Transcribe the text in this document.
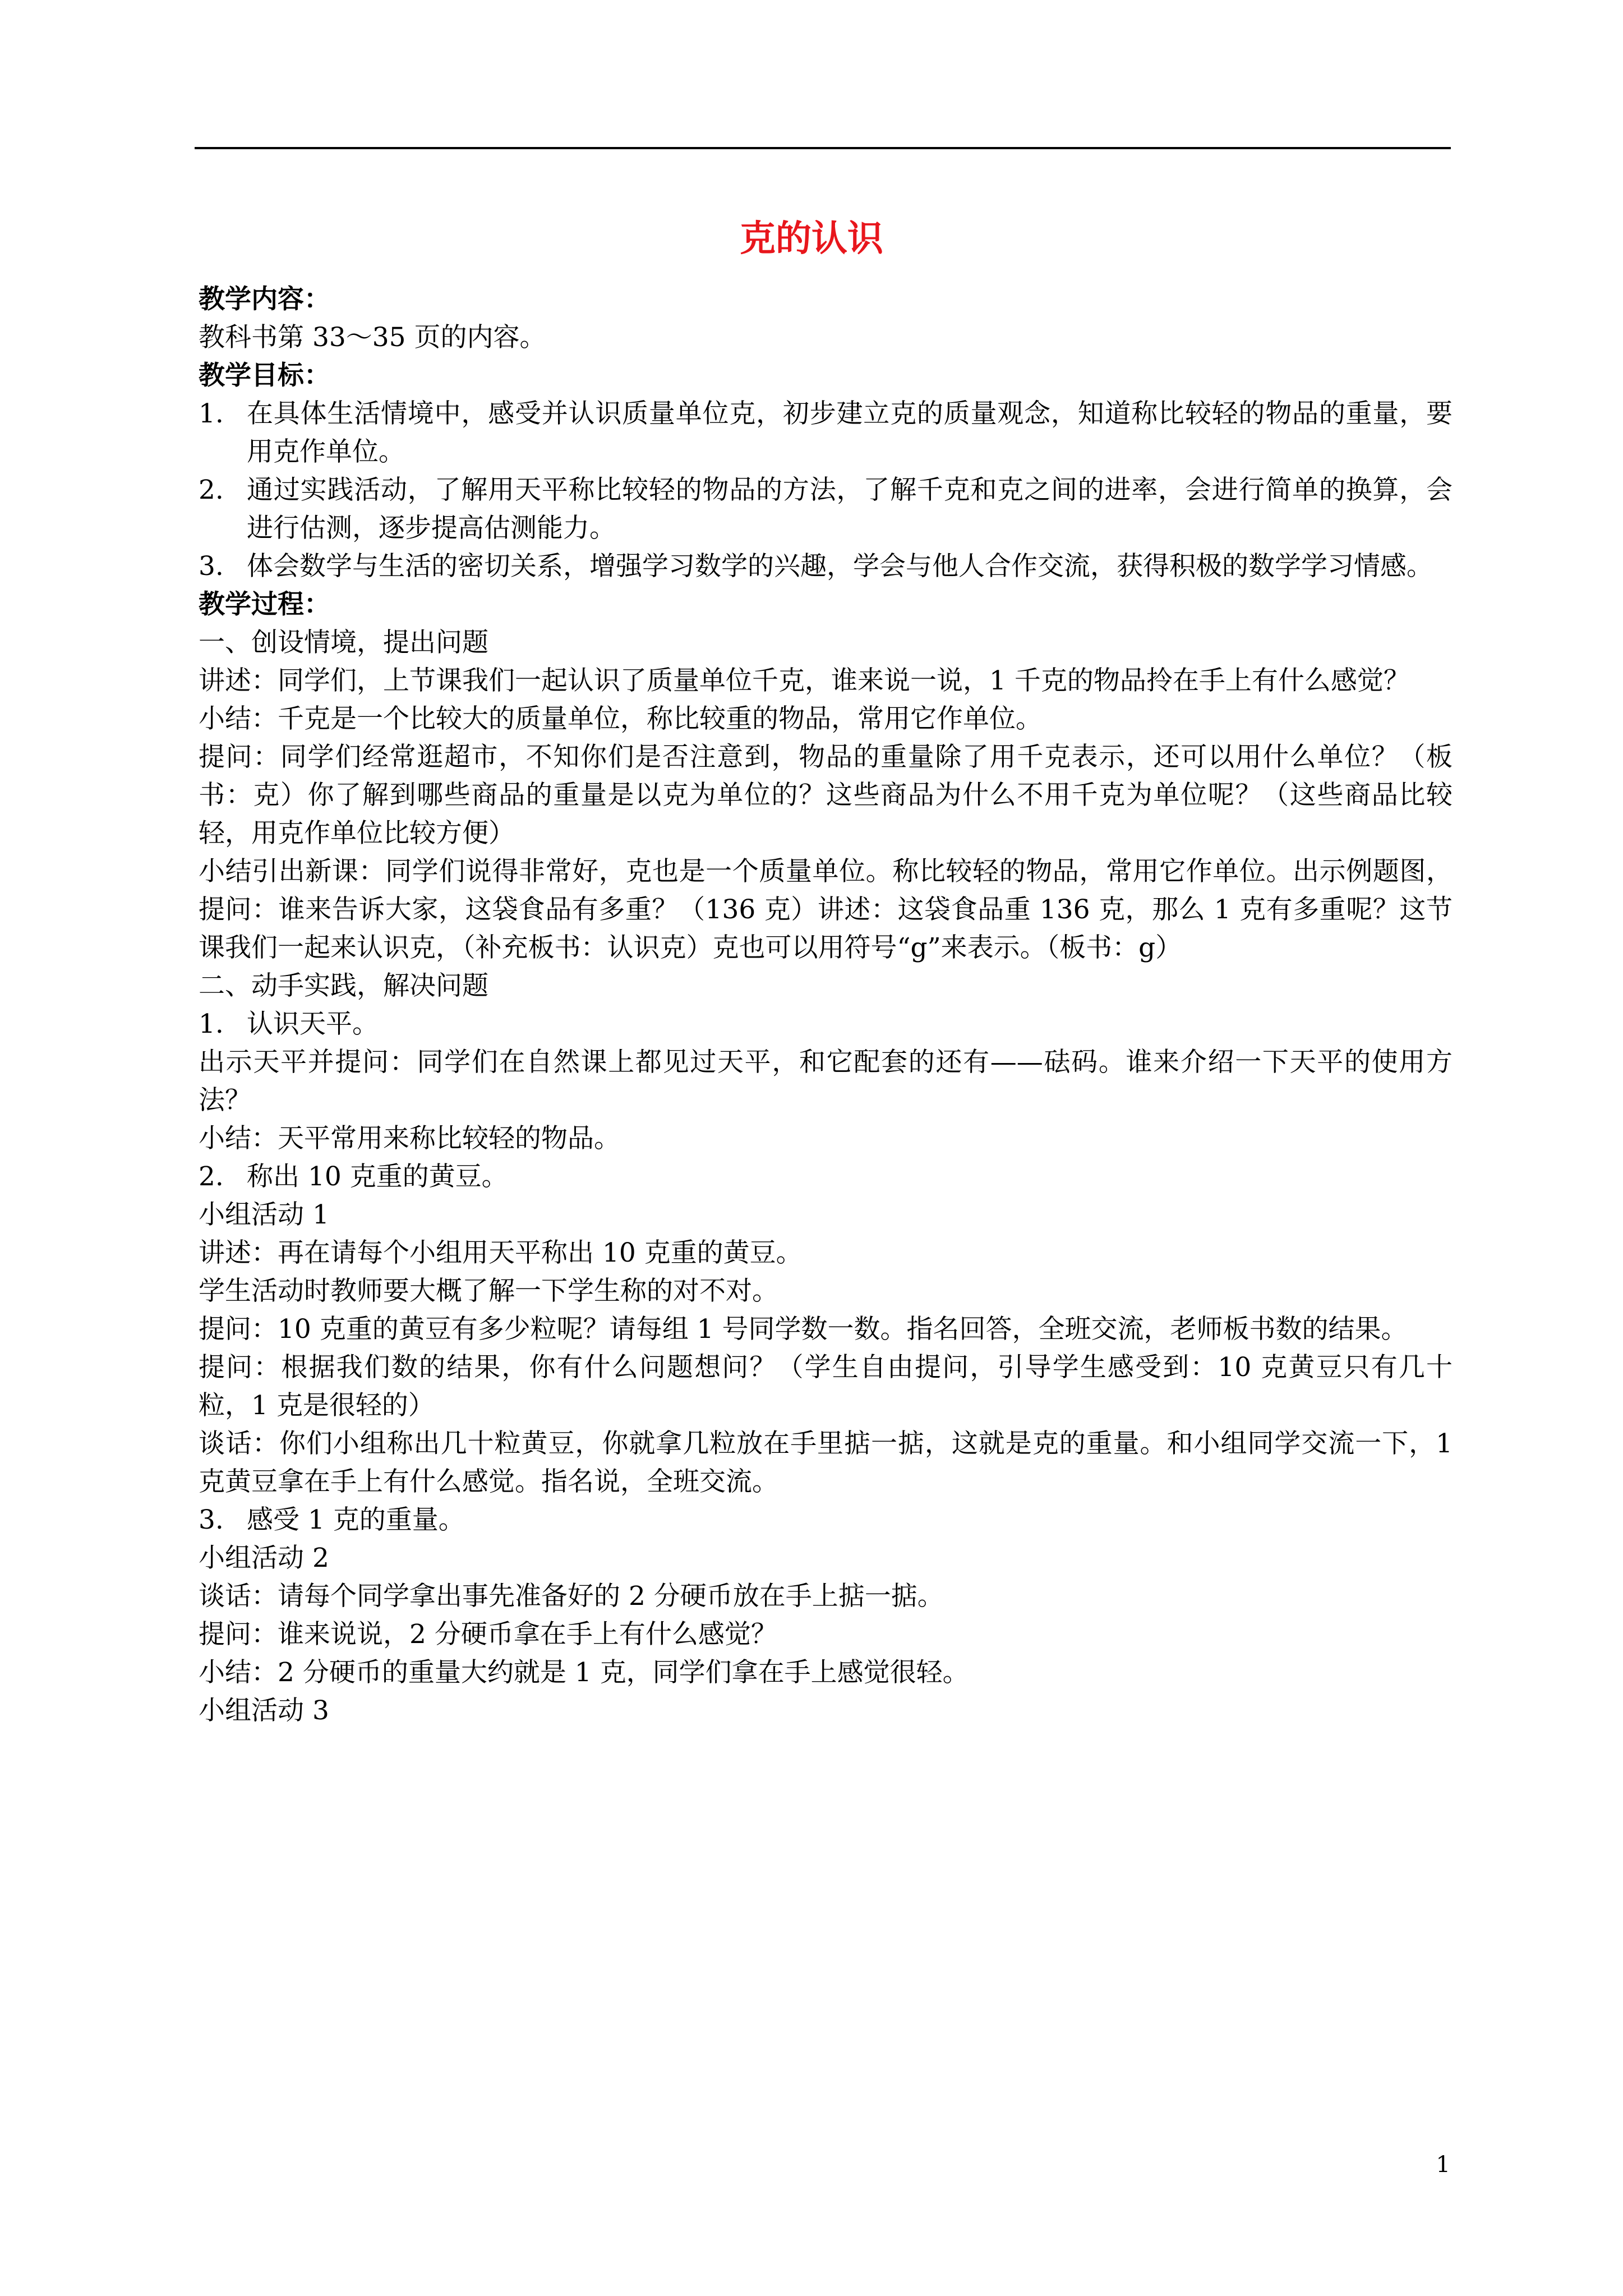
克的认识

教学内容：

教科书第 33～35 页的内容。

教学目标：

1. 在具体生活情境中，感受并认识质量单位克，初步建立克的质量观念，知道称比较轻的物品的重量，要用克作单位。
2. 通过实践活动，了解用天平称比较轻的物品的方法，了解千克和克之间的进率，会进行简单的换算，会进行估测，逐步提高估测能力。
3. 体会数学与生活的密切关系，增强学习数学的兴趣，学会与他人合作交流，获得积极的数学学习情感。

教学过程：

一、创设情境，提出问题

讲述：同学们，上节课我们一起认识了质量单位千克，谁来说一说，1 千克的物品拎在手上有什么感觉？

小结：千克是一个比较大的质量单位，称比较重的物品，常用它作单位。

提问：同学们经常逛超市，不知你们是否注意到，物品的重量除了用千克表示，还可以用什么单位？（板书：克）你了解到哪些商品的重量是以克为单位的？这些商品为什么不用千克为单位呢？（这些商品比较轻，用克作单位比较方便）

小结引出新课：同学们说得非常好，克也是一个质量单位。称比较轻的物品，常用它作单位。出示例题图，提问：谁来告诉大家，这袋食品有多重？（136 克）讲述：这袋食品重 136 克，那么 1 克有多重呢？这节课我们一起来认识克，（补充板书：认识克）克也可以用符号“g”来表示。（板书：g）

二、动手实践，解决问题

1. 认识天平。

出示天平并提问：同学们在自然课上都见过天平，和它配套的还有——砝码。谁来介绍一下天平的使用方法？

小结：天平常用来称比较轻的物品。

2. 称出 10 克重的黄豆。

小组活动 1

讲述：再在请每个小组用天平称出 10 克重的黄豆。

学生活动时教师要大概了解一下学生称的对不对。

提问：10 克重的黄豆有多少粒呢？请每组 1 号同学数一数。指名回答，全班交流，老师板书数的结果。

提问：根据我们数的结果，你有什么问题想问？（学生自由提问，引导学生感受到：10 克黄豆只有几十粒，1 克是很轻的）

谈话：你们小组称出几十粒黄豆，你就拿几粒放在手里掂一掂，这就是克的重量。和小组同学交流一下，1 克黄豆拿在手上有什么感觉。指名说，全班交流。

3. 感受 1 克的重量。

小组活动 2

谈话：请每个同学拿出事先准备好的 2 分硬币放在手上掂一掂。

提问：谁来说说，2 分硬币拿在手上有什么感觉？

小结：2 分硬币的重量大约就是 1 克，同学们拿在手上感觉很轻。

小组活动 3

1
